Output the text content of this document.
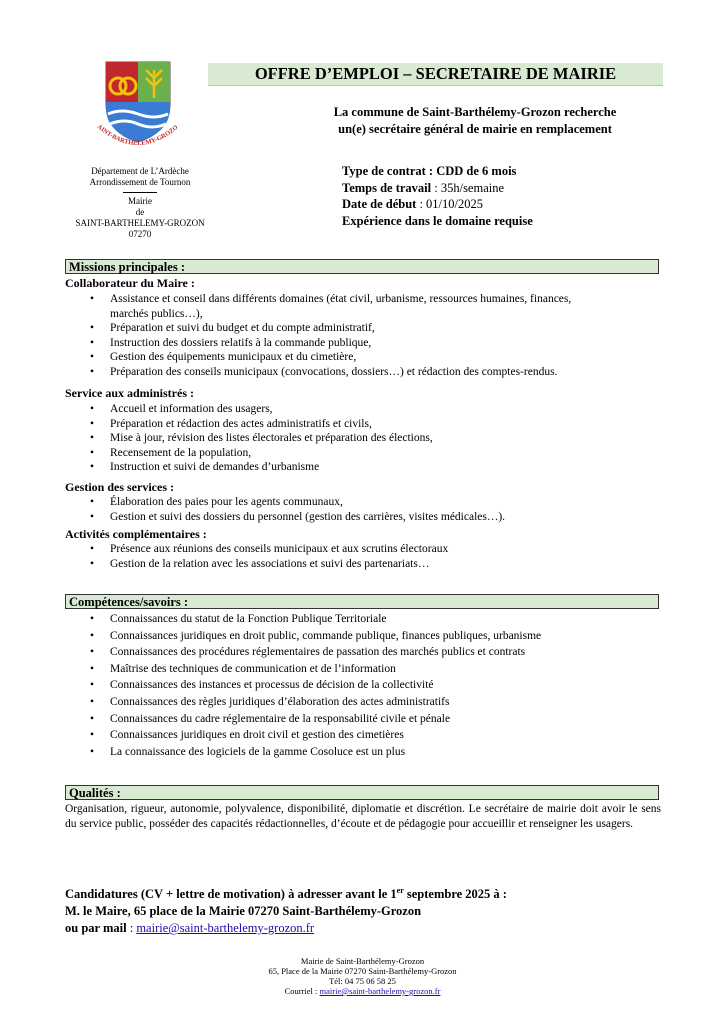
AINT-BARTHÉLEMY-GROZO
OFFRE D’EMPLOI – SECRETAIRE DE MAIRIE
La commune de Saint-Barthélemy-Grozon recherche
un(e) secrétaire général de mairie en remplacement
Département de L’Ardèche
Arrondissement de Tournon
Mairie
de
SAINT-BARTHELEMY-GROZON
07270
Type de contrat : CDD de 6 mois
Temps de travail : 35h/semaine
Date de début : 01/10/2025
Expérience dans le domaine requise
Missions principales :
Collaborateur du Maire :
• Assistance et conseil dans différents domaines (état civil, urbanisme, ressources humaines, finances,
marchés publics…),
• Préparation et suivi du budget et du compte administratif,
• Instruction des dossiers relatifs à la commande publique,
• Gestion des équipements municipaux et du cimetière,
• Préparation des conseils municipaux (convocations, dossiers…) et rédaction des comptes-rendus.
Service aux administrés :
• Accueil et information des usagers,
• Préparation et rédaction des actes administratifs et civils,
• Mise à jour, révision des listes électorales et préparation des élections,
• Recensement de la population,
• Instruction et suivi de demandes d’urbanisme
Gestion des services :
• Élaboration des paies pour les agents communaux,
• Gestion et suivi des dossiers du personnel (gestion des carrières, visites médicales…).
Activités complémentaires :
• Présence aux réunions des conseils municipaux et aux scrutins électoraux
• Gestion de la relation avec les associations et suivi des partenariats…
Compétences/savoirs :
• Connaissances du statut de la Fonction Publique Territoriale
• Connaissances juridiques en droit public, commande publique, finances publiques, urbanisme
• Connaissances des procédures réglementaires de passation des marchés publics et contrats
• Maîtrise des techniques de communication et de l’information
• Connaissances des instances et processus de décision de la collectivité
• Connaissances des règles juridiques d’élaboration des actes administratifs
• Connaissances du cadre réglementaire de la responsabilité civile et pénale
• Connaissances juridiques en droit civil et gestion des cimetières
• La connaissance des logiciels de la gamme Cosoluce est un plus
Qualités :
Organisation, rigueur, autonomie, polyvalence, disponibilité, diplomatie et discrétion. Le secrétaire de mairie doit avoir le sens du service public, posséder des capacités rédactionnelles, d’écoute et de pédagogie pour accueillir et renseigner les usagers.
Candidatures (CV + lettre de motivation) à adresser avant le 1er septembre 2025 à :
M. le Maire, 65 place de la Mairie 07270 Saint-Barthélemy-Grozon
ou par mail : mairie@saint-barthelemy-grozon.fr
Mairie de Saint-Barthélemy-Grozon
65, Place de la Mairie 07270 Saint-Barthélemy-Grozon
Tél: 04 75 06 58 25
Courriel : mairie@saint-barthelemy-grozon.fr
